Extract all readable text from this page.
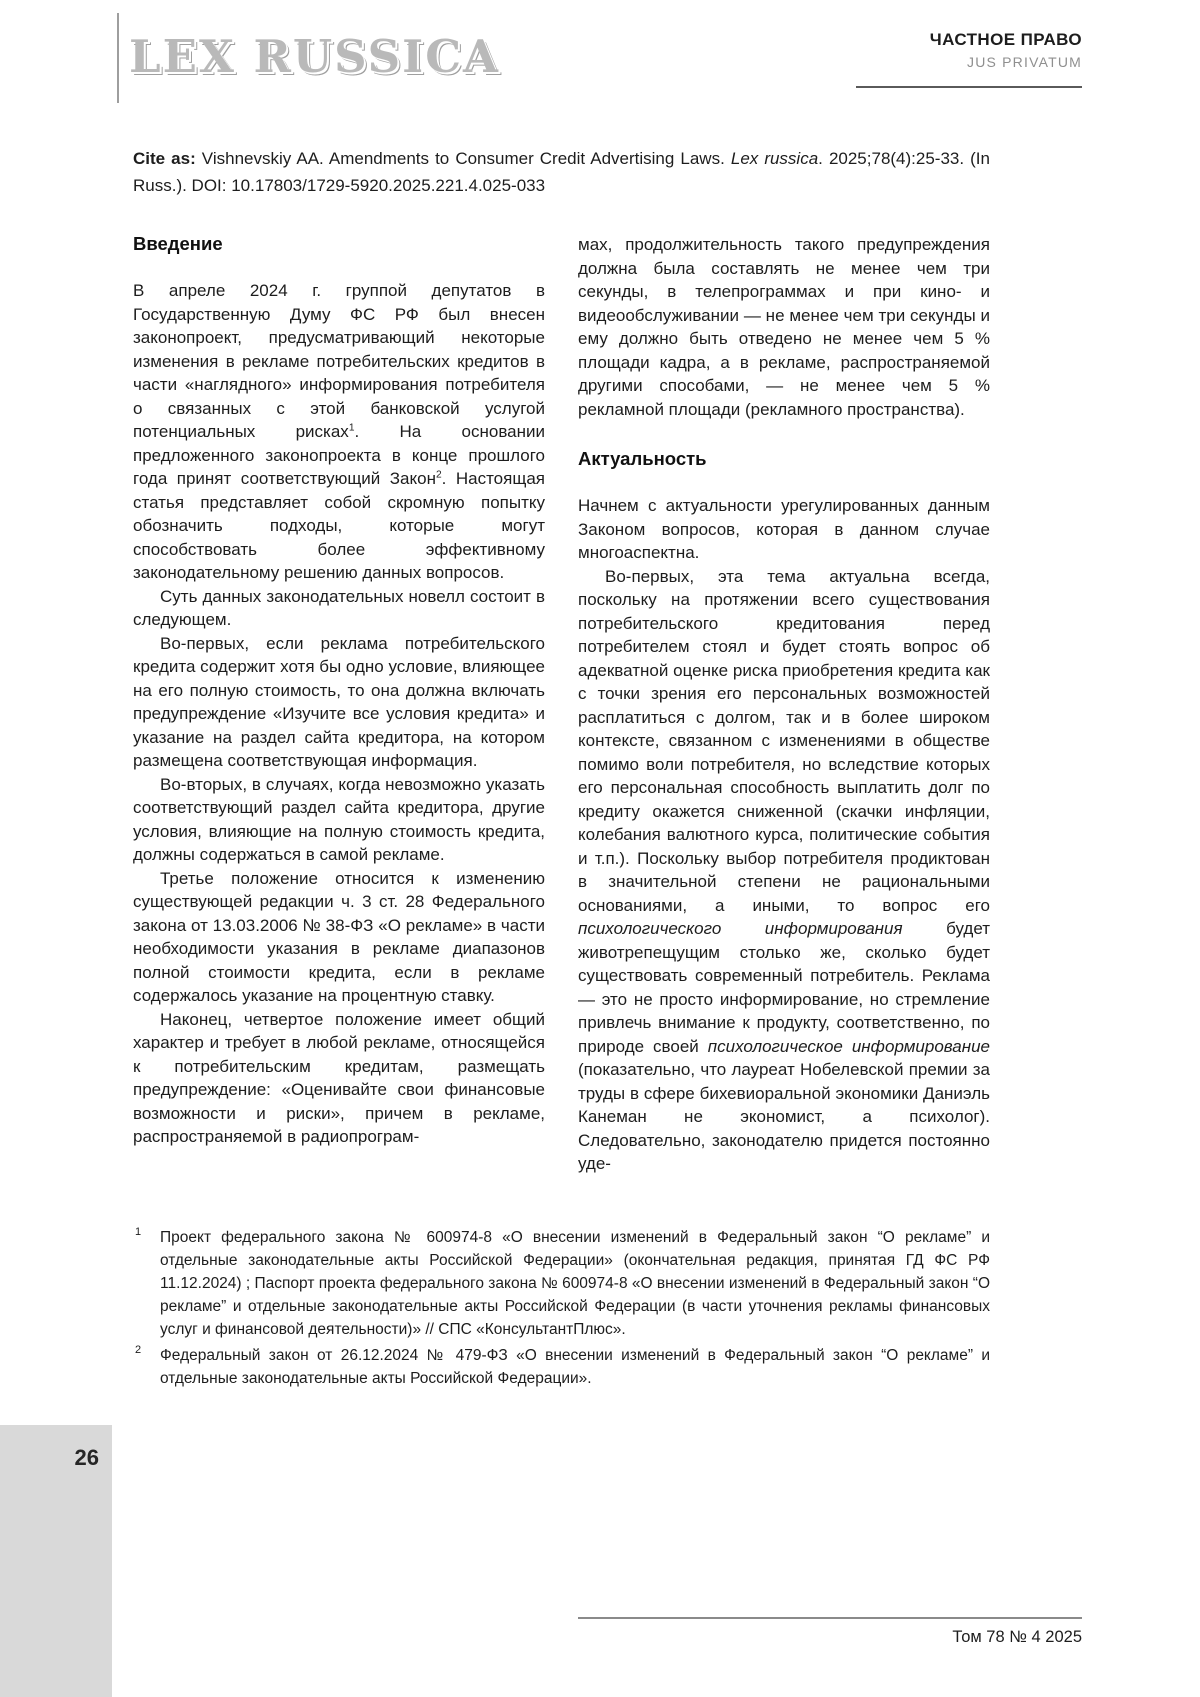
LEX RUSSICA	ЧАСТНОЕ ПРАВО
JUS PRIVATUM
Cite as: Vishnevskiy AA. Amendments to Consumer Credit Advertising Laws. Lex russica. 2025;78(4):25-33. (In Russ.). DOI: 10.17803/1729-5920.2025.221.4.025-033
Введение

В апреле 2024 г. группой депутатов в Государственную Думу ФС РФ был внесен законопроект, предусматривающий некоторые изменения в рекламе потребительских кредитов в части «наглядного» информирования потребителя о связанных с этой банковской услугой потенциальных рисках$^1$. На основании предложенного законопроекта в конце прошлого года принят соответствующий Закон$^2$. Настоящая статья представляет собой скромную попытку обозначить подходы, которые могут способствовать более эффективному законодательному решению данных вопросов.

Суть данных законодательных новелл состоит в следующем.

Во-первых, если реклама потребительского кредита содержит хотя бы одно условие, влияющее на его полную стоимость, то она должна включать предупреждение «Изучите все условия кредита» и указание на раздел сайта кредитора, на котором размещена соответствующая информация.

Во-вторых, в случаях, когда невозможно указать соответствующий раздел сайта кредитора, другие условия, влияющие на полную стоимость кредита, должны содержаться в самой рекламе.

Третье положение относится к изменению существующей редакции ч. 3 ст. 28 Федерального закона от 13.03.2006 № 38-ФЗ «О рекламе» в части необходимости указания в рекламе диапазонов полной стоимости кредита, если в рекламе содержалось указание на процентную ставку.

Наконец, четвертое положение имеет общий характер и требует в любой рекламе, относящейся к потребительским кредитам, размещать предупреждение: «Оценивайте свои финансовые возможности и риски», причем в рекламе, распространяемой в радиопрограм-

мах, продолжительность такого предупреждения должна была составлять не менее чем три секунды, в телепрограммах и при кино- и видеообслуживании — не менее чем три секунды и ему должно быть отведено не менее чем 5 % площади кадра, а в рекламе, распространяемой другими способами, — не менее чем 5 % рекламной площади (рекламного пространства).

Актуальность

Начнем с актуальности урегулированных данным Законом вопросов, которая в данном случае многоаспектна.

Во-первых, эта тема актуальна всегда, поскольку на протяжении всего существования потребительского кредитования перед потребителем стоял и будет стоять вопрос об адекватной оценке риска приобретения кредита как с точки зрения его персональных возможностей расплатиться с долгом, так и в более широком контексте, связанном с изменениями в обществе помимо воли потребителя, но вследствие которых его персональная способность выплатить долг по кредиту окажется сниженной (скачки инфляции, колебания валютного курса, политические события и т.п.). Поскольку выбор потребителя продиктован в значительной степени не рациональными основаниями, а иными, то вопрос его психологического информирования будет животрепещущим столько же, сколько будет существовать современный потребитель. Реклама — это не просто информирование, но стремление привлечь внимание к продукту, соответственно, по природе своей психологическое информирование (показательно, что лауреат Нобелевской премии за труды в сфере бихевиоральной экономики Даниэль Канеман не экономист, а психолог). Следовательно, законодателю придется постоянно уде-

1 Проект федерального закона № 600974-8 «О внесении изменений в Федеральный закон “О рекламе” и отдельные законодательные акты Российской Федерации» (окончательная редакция, принятая ГД ФС РФ 11.12.2024) ; Паспорт проекта федерального закона № 600974-8 «О внесении изменений в Федеральный закон “О рекламе” и отдельные законодательные акты Российской Федерации (в части уточнения рекламы финансовых услуг и финансовой деятельности)» // СПС «КонсультантПлюс».
2 Федеральный закон от 26.12.2024 № 479-ФЗ «О внесении изменений в Федеральный закон “О рекламе” и отдельные законодательные акты Российской Федерации».
Том 78 № 4 2025
26
